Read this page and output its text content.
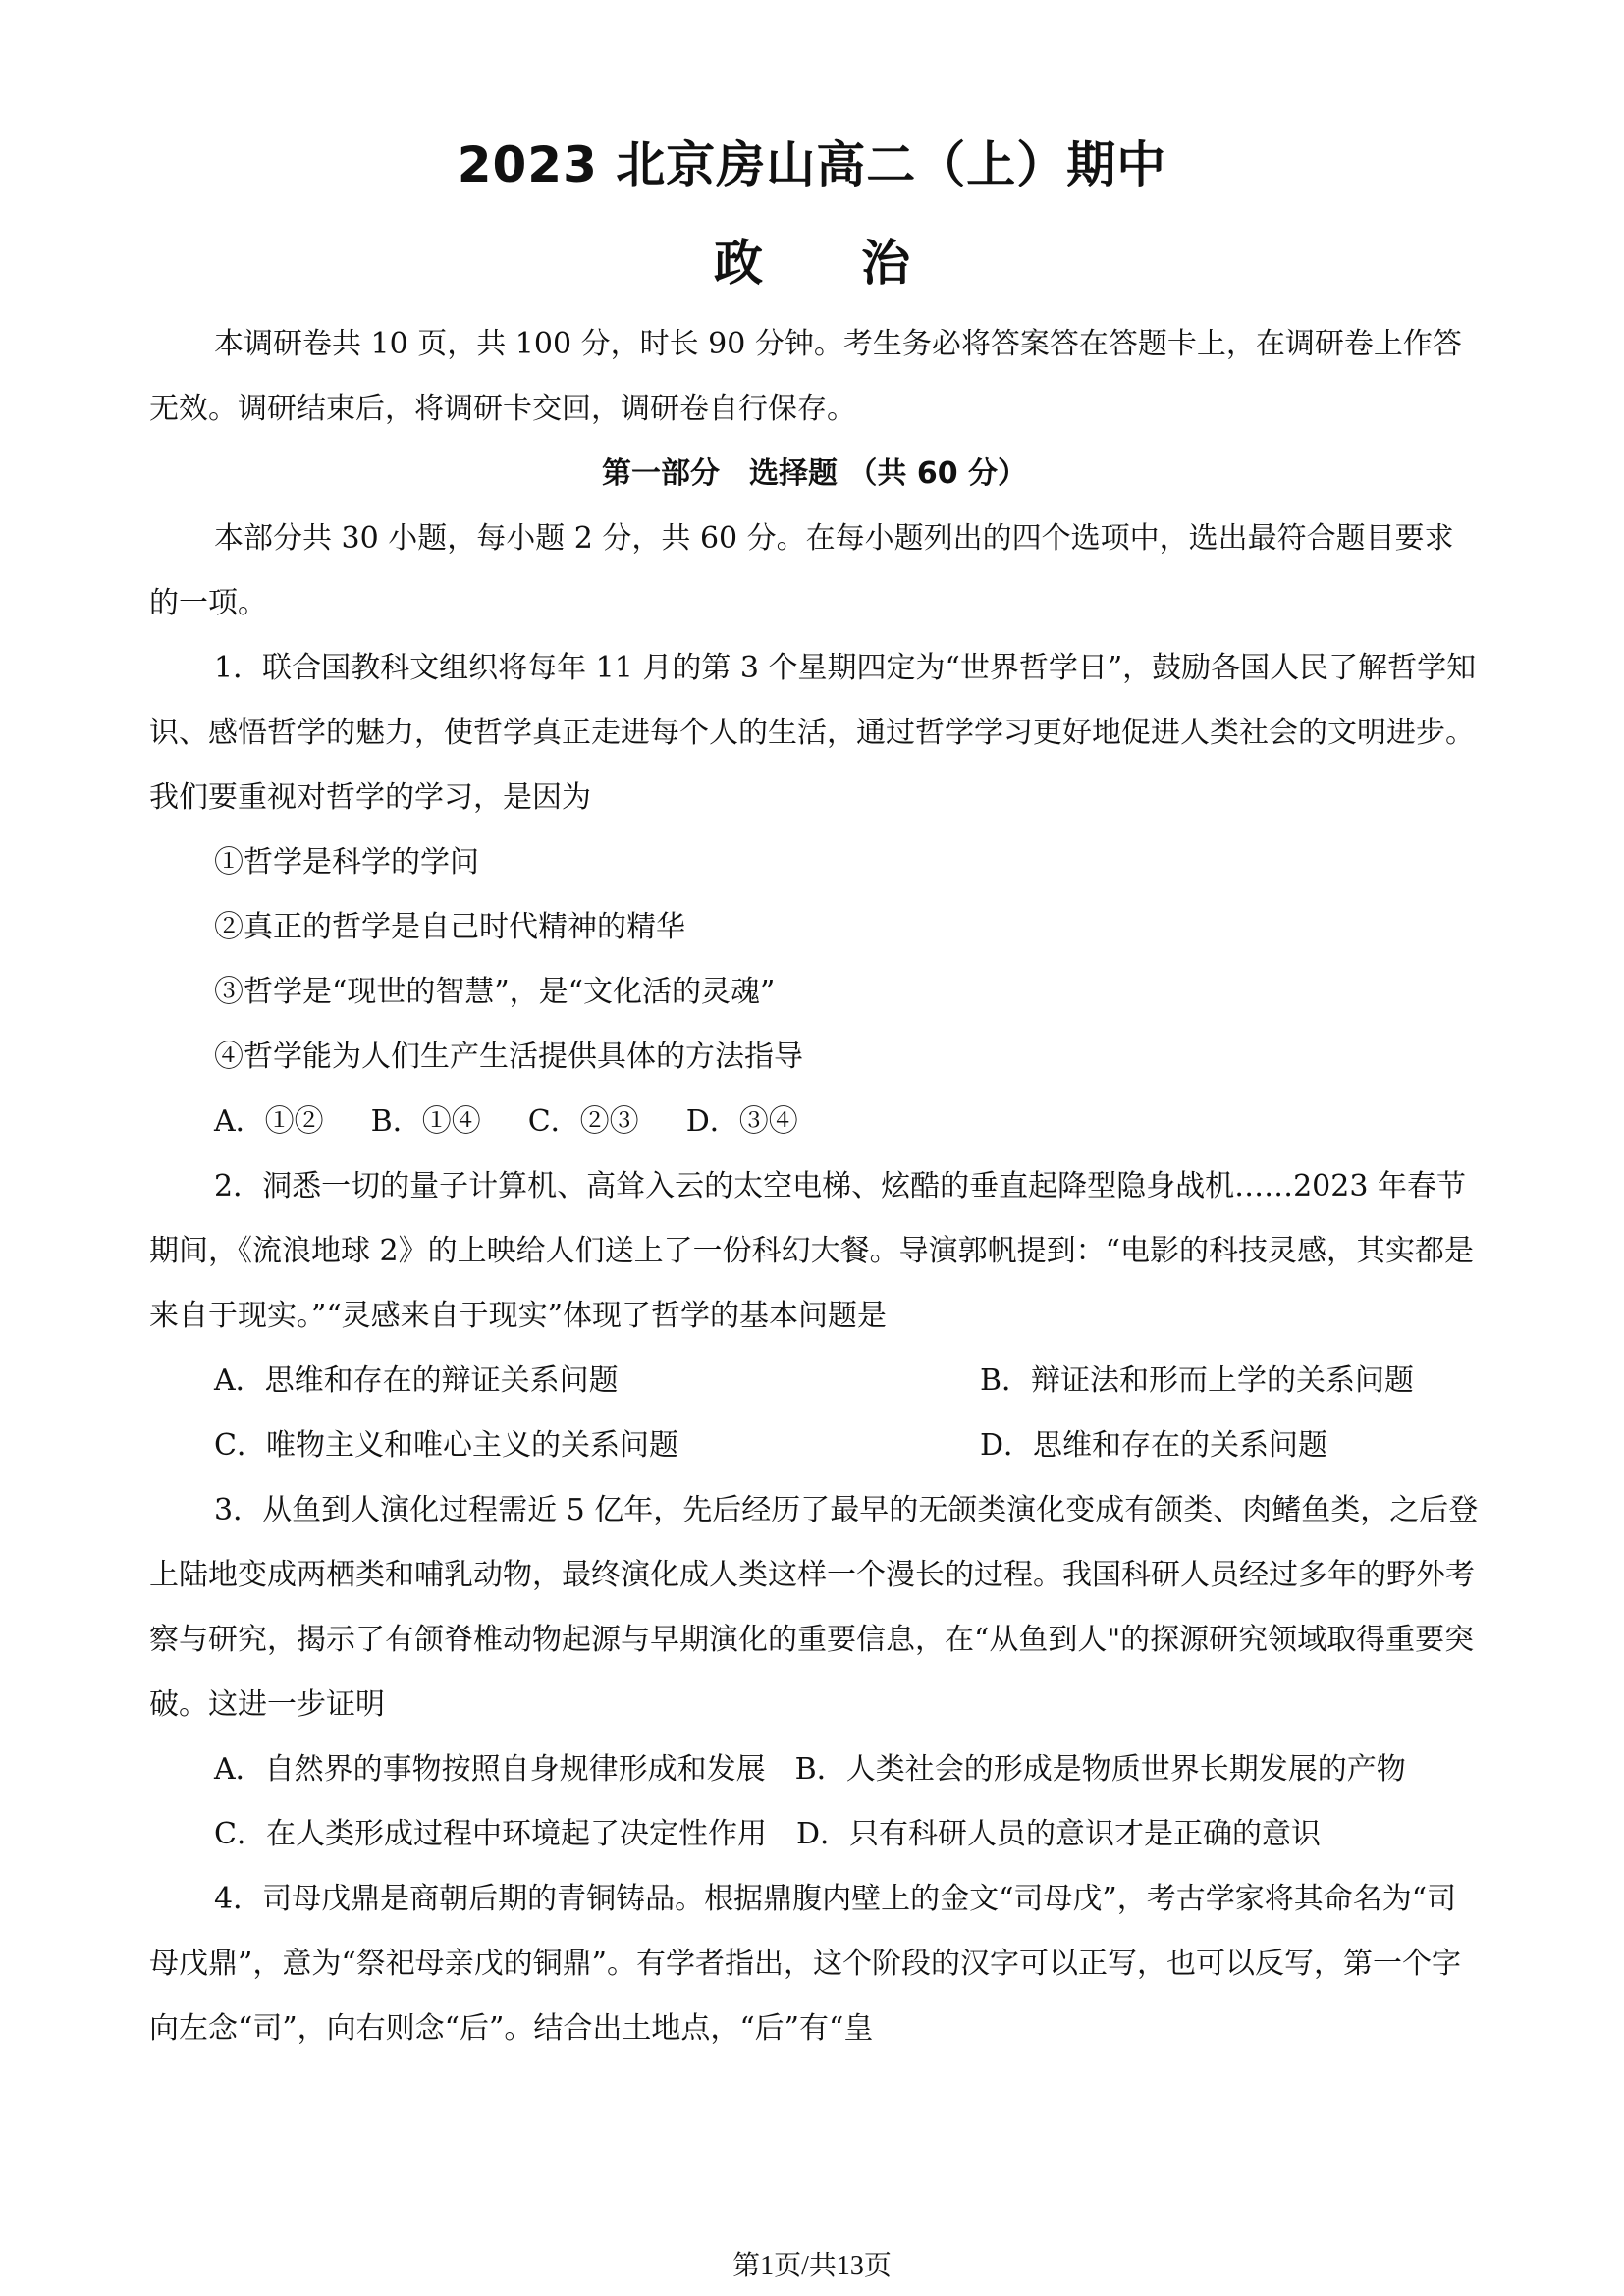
2023 北京房山高二（上）期中
政治

本调研卷共 10 页，共 100 分，时长 90 分钟。考生务必将答案答在答题卡上，在调研卷上作答无效。调研结束后，将调研卡交回，调研卷自行保存。

第一部分　选择题 （共 60 分）

本部分共 30 小题，每小题 2 分，共 60 分。在每小题列出的四个选项中，选出最符合题目要求的一项。

1．联合国教科文组织将每年 11 月的第 3 个星期四定为“世界哲学日”，鼓励各国人民了解哲学知识、感悟哲学的魅力，使哲学真正走进每个人的生活，通过哲学学习更好地促进人类社会的文明进步。我们要重视对哲学的学习，是因为

①哲学是科学的学问

②真正的哲学是自己时代精神的精华

③哲学是“现世的智慧”，是“文化活的灵魂”

④哲学能为人们生产生活提供具体的方法指导

A．①② B．①④ C．②③ D．③④

2．洞悉一切的量子计算机、高耸入云的太空电梯、炫酷的垂直起降型隐身战机……2023 年春节期间，《流浪地球 2》的上映给人们送上了一份科幻大餐。导演郭帆提到：“电影的科技灵感，其实都是来自于现实。”“灵感来自于现实”体现了哲学的基本问题是

A．思维和存在的辩证关系问题	B．辩证法和形而上学的关系问题
C．唯物主义和唯心主义的关系问题	D．思维和存在的关系问题

3．从鱼到人演化过程需近 5 亿年，先后经历了最早的无颌类演化变成有颌类、肉鳍鱼类，之后登上陆地变成两栖类和哺乳动物，最终演化成人类这样一个漫长的过程。我国科研人员经过多年的野外考察与研究，揭示了有颌脊椎动物起源与早期演化的重要信息，在“从鱼到人"的探源研究领域取得重要突破。这进一步证明

A．自然界的事物按照自身规律形成和发展　 B．人类社会的形成是物质世界长期发展的产物

C．在人类形成过程中环境起了决定性作用　 D．只有科研人员的意识才是正确的意识

4．司母戊鼎是商朝后期的青铜铸品。根据鼎腹内壁上的金文“司母戊”，考古学家将其命名为“司母戊鼎”，意为“祭祀母亲戊的铜鼎”。有学者指出，这个阶段的汉字可以正写，也可以反写，第一个字向左念“司”，向右则念“后”。结合出土地点，“后”有“皇

第1页/共13页
